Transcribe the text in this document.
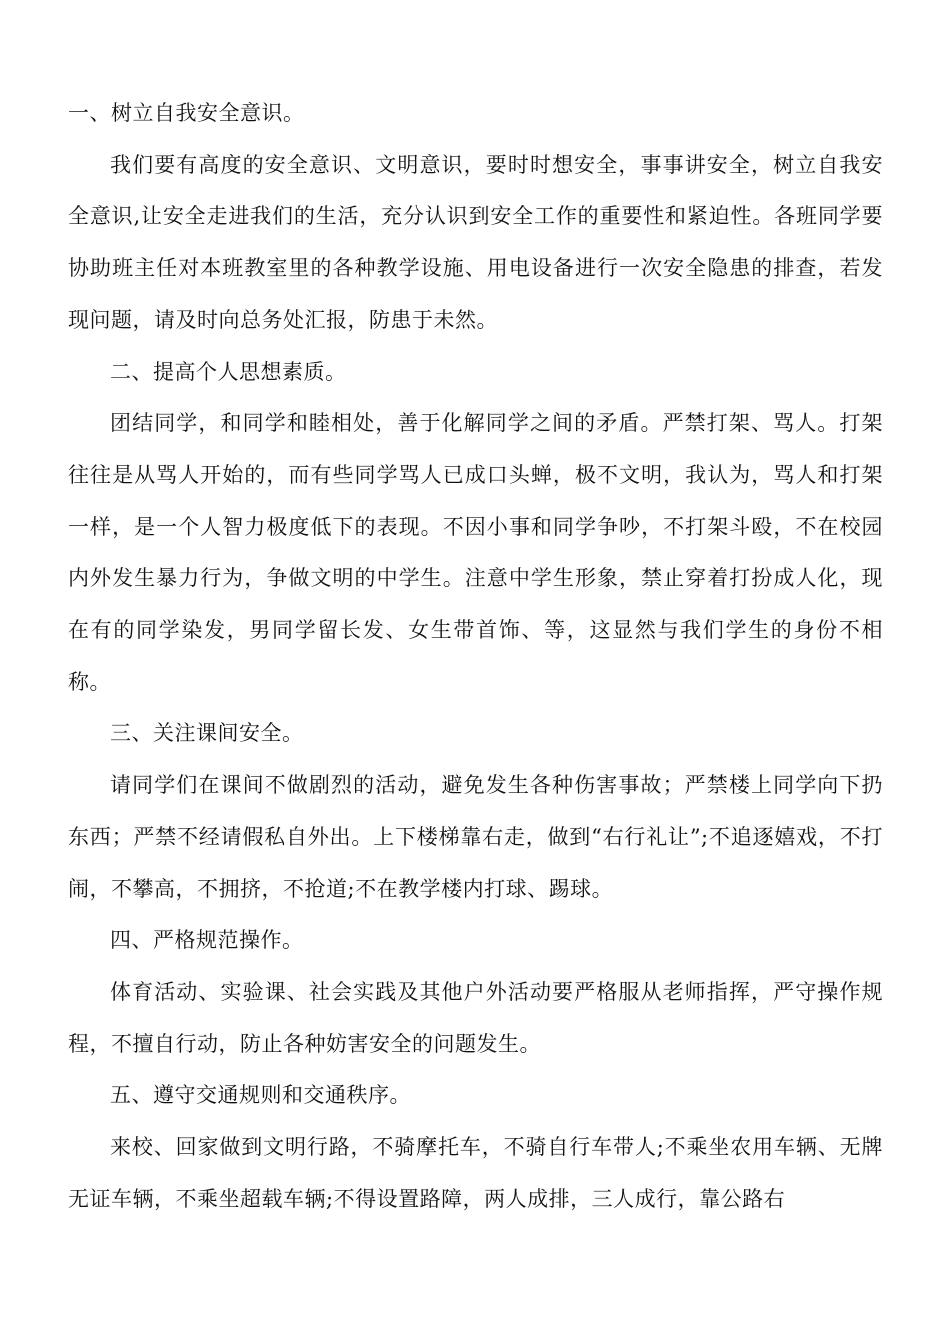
一、树立自我安全意识。

我们要有高度的安全意识、文明意识，要时时想安全，事事讲安全，树立自我安全意识,让安全走进我们的生活，充分认识到安全工作的重要性和紧迫性。各班同学要协助班主任对本班教室里的各种教学设施、用电设备进行一次安全隐患的排查，若发现问题，请及时向总务处汇报，防患于未然。

二、提高个人思想素质。

团结同学，和同学和睦相处，善于化解同学之间的矛盾。严禁打架、骂人。打架往往是从骂人开始的，而有些同学骂人已成口头蝉，极不文明，我认为，骂人和打架一样，是一个人智力极度低下的表现。不因小事和同学争吵，不打架斗殴，不在校园内外发生暴力行为，争做文明的中学生。注意中学生形象，禁止穿着打扮成人化，现在有的同学染发，男同学留长发、女生带首饰、等，这显然与我们学生的身份不相称。

三、关注课间安全。

请同学们在课间不做剧烈的活动，避免发生各种伤害事故；严禁楼上同学向下扔东西；严禁不经请假私自外出。上下楼梯靠右走，做到“右行礼让”;不追逐嬉戏，不打闹，不攀高，不拥挤，不抢道;不在教学楼内打球、踢球。

四、严格规范操作。

体育活动、实验课、社会实践及其他户外活动要严格服从老师指挥，严守操作规程，不擅自行动，防止各种妨害安全的问题发生。

五、遵守交通规则和交通秩序。

来校、回家做到文明行路，不骑摩托车，不骑自行车带人;不乘坐农用车辆、无牌无证车辆，不乘坐超载车辆;不得设置路障，两人成排，三人成行，靠公路右
